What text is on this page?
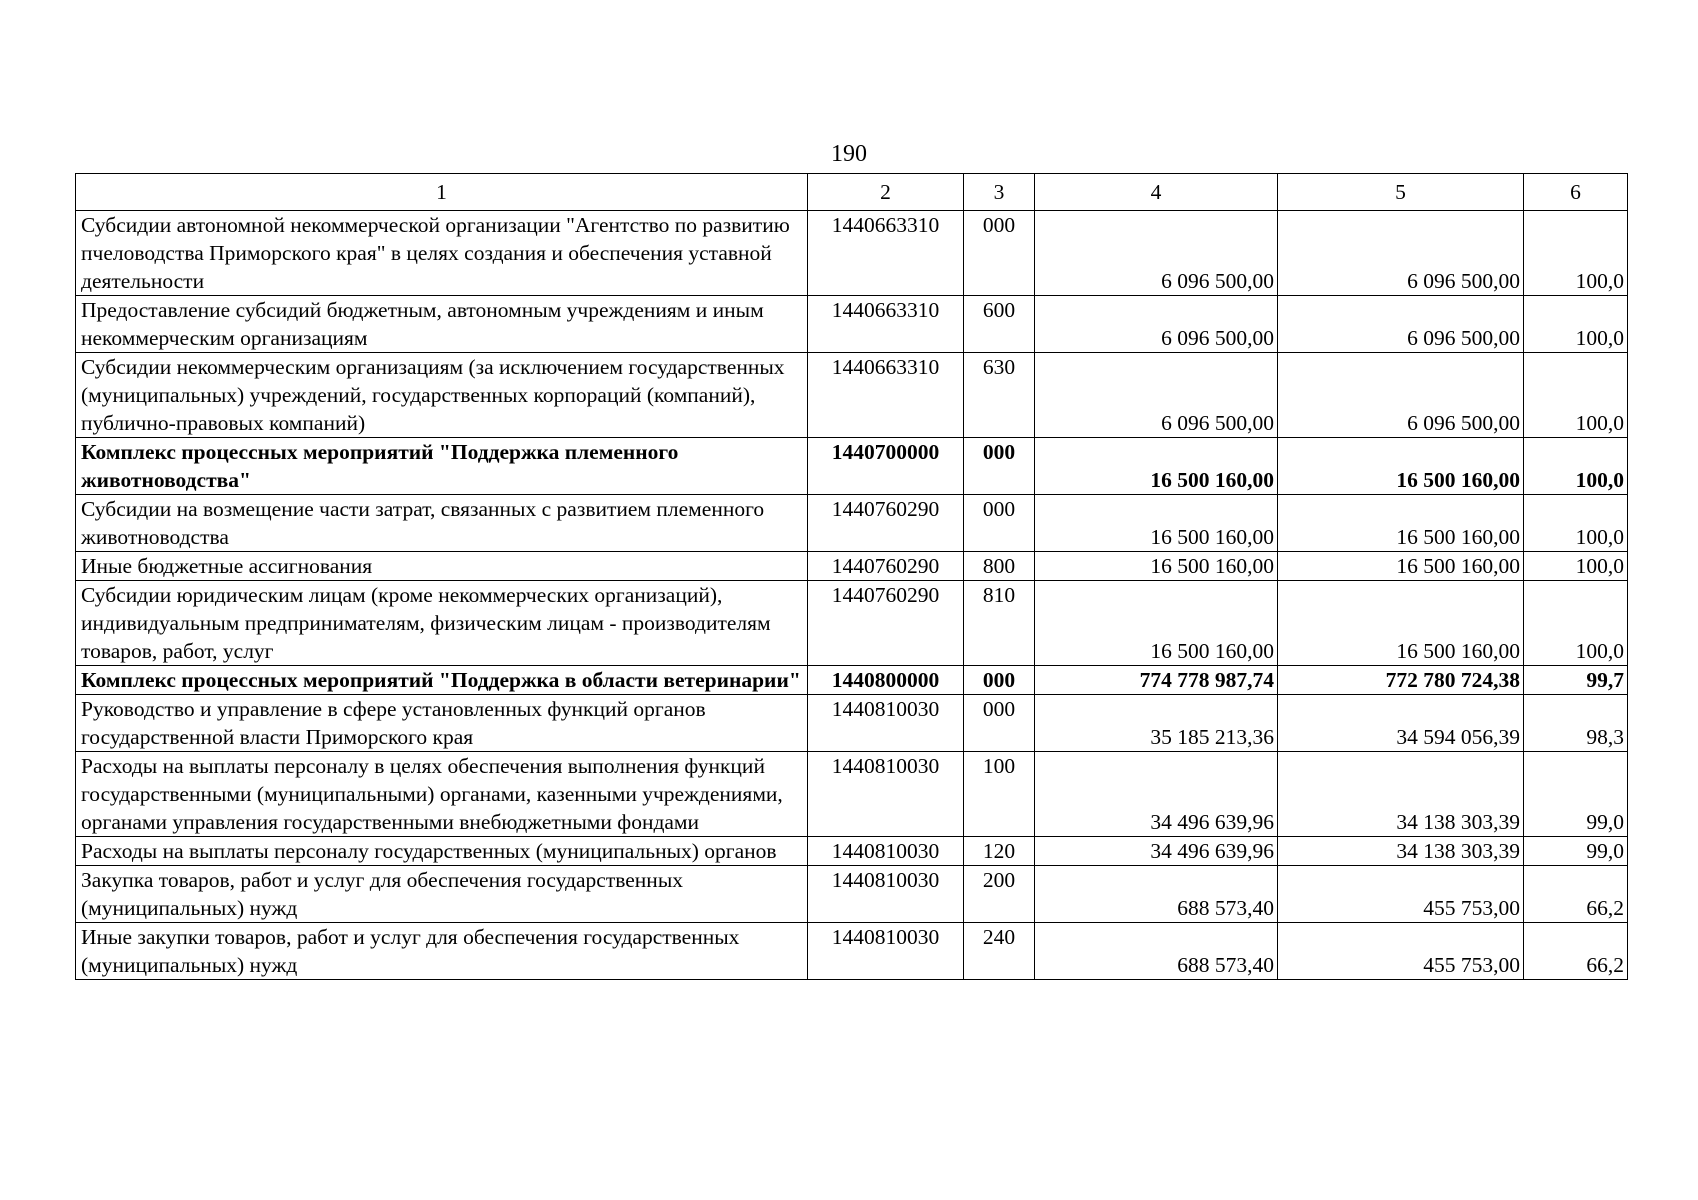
190
1	2	3	4	5	6
Субсидии автономной некоммерческой организации "Агентство по развитию пчеловодства Приморского края" в целях создания и обеспечения уставной деятельности	1440663310	000	6 096 500,00	6 096 500,00	100,0
Предоставление субсидий бюджетным, автономным учреждениям и иным некоммерческим организациям	1440663310	600	6 096 500,00	6 096 500,00	100,0
Субсидии некоммерческим организациям (за исключением государственных (муниципальных) учреждений, государственных корпораций (компаний), публично-правовых компаний)	1440663310	630	6 096 500,00	6 096 500,00	100,0
Комплекс процессных мероприятий "Поддержка племенного животноводства"	1440700000	000	16 500 160,00	16 500 160,00	100,0
Субсидии на возмещение части затрат, связанных с развитием племенного животноводства	1440760290	000	16 500 160,00	16 500 160,00	100,0
Иные бюджетные ассигнования	1440760290	800	16 500 160,00	16 500 160,00	100,0
Субсидии юридическим лицам (кроме некоммерческих организаций), индивидуальным предпринимателям, физическим лицам - производителям товаров, работ, услуг	1440760290	810	16 500 160,00	16 500 160,00	100,0
Комплекс процессных мероприятий "Поддержка в области ветеринарии"	1440800000	000	774 778 987,74	772 780 724,38	99,7
Руководство и управление в сфере установленных функций органов государственной власти Приморского края	1440810030	000	35 185 213,36	34 594 056,39	98,3
Расходы на выплаты персоналу в целях обеспечения выполнения функций государственными (муниципальными) органами, казенными учреждениями, органами управления государственными внебюджетными фондами	1440810030	100	34 496 639,96	34 138 303,39	99,0
Расходы на выплаты персоналу государственных (муниципальных) органов	1440810030	120	34 496 639,96	34 138 303,39	99,0
Закупка товаров, работ и услуг для обеспечения государственных (муниципальных) нужд	1440810030	200	688 573,40	455 753,00	66,2
Иные закупки товаров, работ и услуг для обеспечения государственных (муниципальных) нужд	1440810030	240	688 573,40	455 753,00	66,2
